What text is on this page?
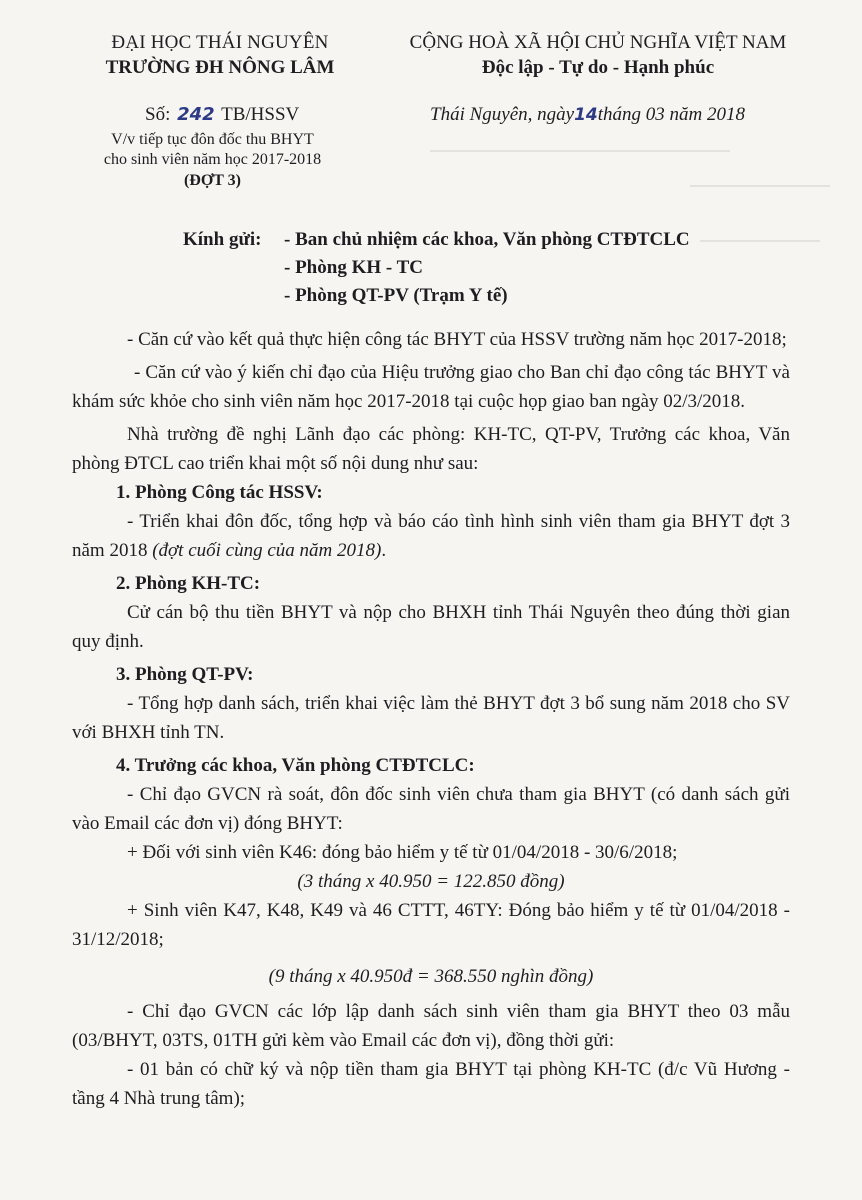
ĐẠI HỌC THÁI NGUYÊN
TRƯỜNG ĐH NÔNG LÂM
CỘNG HOÀ XÃ HỘI CHỦ NGHĨA VIỆT NAM
Độc lập - Tự do - Hạnh phúc
Số: 242 TB/HSSV
V/v tiếp tục đôn đốc thu BHYT
cho sinh viên năm học 2017-2018
(ĐỢT 3)
Thái Nguyên, ngày14tháng 03 năm 2018
Kính gửi: - Ban chủ nhiệm các khoa, Văn phòng CTĐTCLC
- Phòng KH - TC
- Phòng QT-PV (Trạm Y tế)

- Căn cứ vào kết quả thực hiện công tác BHYT của HSSV trường năm học 2017-2018;

- Căn cứ vào ý kiến chỉ đạo của Hiệu trưởng giao cho Ban chỉ đạo công tác BHYT và khám sức khỏe cho sinh viên năm học 2017-2018 tại cuộc họp giao ban ngày 02/3/2018.

Nhà trường đề nghị Lãnh đạo các phòng: KH-TC, QT-PV, Trưởng các khoa, Văn phòng ĐTCL cao triển khai một số nội dung như sau:

1. Phòng Công tác HSSV:

- Triển khai đôn đốc, tổng hợp và báo cáo tình hình sinh viên tham gia BHYT đợt 3 năm 2018 (đợt cuối cùng của năm 2018).

2. Phòng KH-TC:

Cử cán bộ thu tiền BHYT và nộp cho BHXH tỉnh Thái Nguyên theo đúng thời gian quy định.

3. Phòng QT-PV:

- Tổng hợp danh sách, triển khai việc làm thẻ BHYT đợt 3 bổ sung năm 2018 cho SV với BHXH tỉnh TN.

4. Trưởng các khoa, Văn phòng CTĐTCLC:

- Chỉ đạo GVCN rà soát, đôn đốc sinh viên chưa tham gia BHYT (có danh sách gửi vào Email các đơn vị) đóng BHYT:

+ Đối với sinh viên K46: đóng bảo hiểm y tế từ 01/04/2018 - 30/6/2018;

(3 tháng x 40.950 = 122.850 đồng)

+ Sinh viên K47, K48, K49 và 46 CTTT, 46TY: Đóng bảo hiểm y tế từ 01/04/2018 - 31/12/2018;

(9 tháng x 40.950đ = 368.550 nghìn đồng)

- Chỉ đạo GVCN các lớp lập danh sách sinh viên tham gia BHYT theo 03 mẫu (03/BHYT, 03TS, 01TH gửi kèm vào Email các đơn vị), đồng thời gửi:

- 01 bản có chữ ký và nộp tiền tham gia BHYT tại phòng KH-TC (đ/c Vũ Hương - tầng 4 Nhà trung tâm);
